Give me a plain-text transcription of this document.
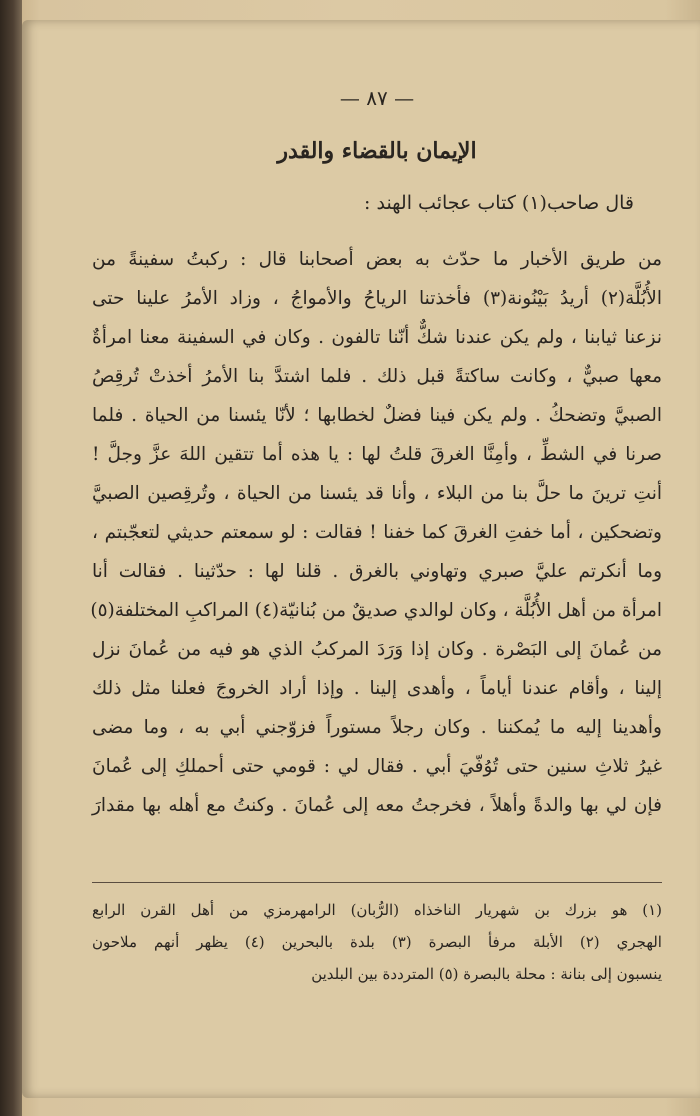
— ٨٧ —
الإيمان بالقضاء والقدر
قال صاحب(١) كتاب عجائب الهند :
من طريق الأخبار ما حدّث به بعض أصحابنا قال : ركبتُ سفينةً من
الأُبُلَّة(٢) أريدُ بَيْنُونة(٣) فأخذتنا الرياحُ والأمواجُ ، وزاد الأمرُ علينا حتى
نزعنا ثيابنا ، ولم يكن عندنا شكٌّ أنّنا تالفون . وكان في السفينة معنا امرأةٌ
معها صبيٌّ ، وكانت ساكتةً قبل ذلك . فلما اشتدَّ بنا الأمرُ أخذتْ تُرقِصُ
الصبيَّ وتضحكُ . ولم يكن فينا فضلٌ لخطابها ؛ لأنّا يئسنا من الحياة . فلما
صرنا في الشطِّ ، وأمِنَّا الغرقَ قلتُ لها : يا هذه أما تتقين اللهَ عزَّ وجلَّ !
أنتِ ترينَ ما حلَّ بنا من البلاء ، وأنا قد يئسنا من الحياة ، وتُرقِصين الصبيَّ
وتضحكين ، أما خفتِ الغرقَ كما خفنا ! فقالت : لو سمعتم حديثي لتعجّبتم ،
وما أنكرتم عليَّ صبري وتهاوني بالغرق . قلنا لها : حدّثينا . فقالت أنا
امرأة من أهل الأُبُلَّة ، وكان لوالدي صديقٌ من بُنانيّة(٤) المراكبِ المختلفة(٥)
من عُمانَ إلى البَصْرة . وكان إذا وَرَدَ المركبُ الذي هو فيه من عُمانَ نزل
إلينا ، وأقام عندنا أياماً ، وأهدى إلينا . وإذا أراد الخروجَ فعلنا مثل ذلك
وأهدينا إليه ما يُمكننا . وكان رجلاً مستوراً فزوّجني أبي به ، وما مضى
غيرُ ثلاثِ سنين حتى تُوُفّيَ أبي . فقال لي : قومي حتى أحملكِ إلى عُمانَ
فإن لي بها والدةً وأهلاً ، فخرجتُ معه إلى عُمانَ . وكنتُ مع أهله بها مقدارَ
(١) هو بزرك بن شهريار الناخذاه (الرُّبان) الرامهرمزي من أهل القرن الرابع
الهجري (٢) الأبلة مرفأ البصرة (٣) بلدة بالبحرين (٤) يظهر أنهم ملاحون
ينسبون إلى بنانة : محلة بالبصرة (٥) المترددة بين البلدين
